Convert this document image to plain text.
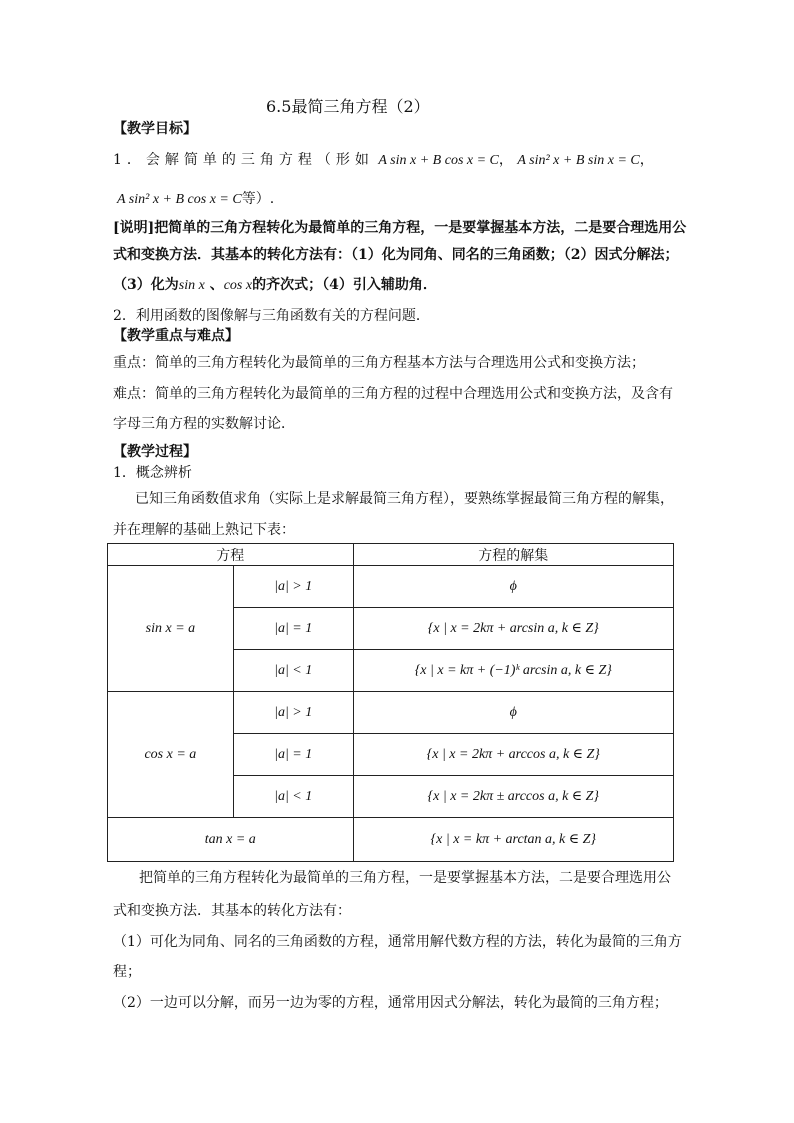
6.5最简三角方程（2）
【教学目标】
1．会解简单的三角方程（形如 A sin x + B cos x = C， A sin² x + B sin x = C，
A sin² x + B cos x = C等）.
[说明]把简单的三角方程转化为最简单的三角方程，一是要掌握基本方法，二是要合理选用公
式和变换方法．其基本的转化方法有：（1）化为同角、同名的三角函数；（2）因式分解法；
（3）化为sin x 、cos x的齐次式；（4）引入辅助角．
2．利用函数的图像解与三角函数有关的方程问题．
【教学重点与难点】
重点：简单的三角方程转化为最简单的三角方程基本方法与合理选用公式和变换方法；
难点：简单的三角方程转化为最简单的三角方程的过程中合理选用公式和变换方法，及含有
字母三角方程的实数解讨论．
【教学过程】
1．概念辨析
已知三角函数值求角（实际上是求解最简三角方程），要熟练掌握最简三角方程的解集，
并在理解的基础上熟记下表：
方程		方程的解集
sin x = a	|a| > 1	ϕ
	|a| = 1	{x | x = 2kπ + arcsin a, k ∈ Z}
	|a| < 1	{x | x = kπ + (−1)ᵏ arcsin a, k ∈ Z}
cos x = a	|a| > 1	ϕ
	|a| = 1	{x | x = 2kπ + arccos a, k ∈ Z}
	|a| < 1	{x | x = 2kπ ± arccos a, k ∈ Z}
tan x = a		{x | x = kπ + arctan a, k ∈ Z}
把简单的三角方程转化为最简单的三角方程，一是要掌握基本方法，二是要合理选用公
式和变换方法．其基本的转化方法有：
（1）可化为同角、同名的三角函数的方程，通常用解代数方程的方法，转化为最简的三角方
程；
（2）一边可以分解，而另一边为零的方程，通常用因式分解法，转化为最简的三角方程；
